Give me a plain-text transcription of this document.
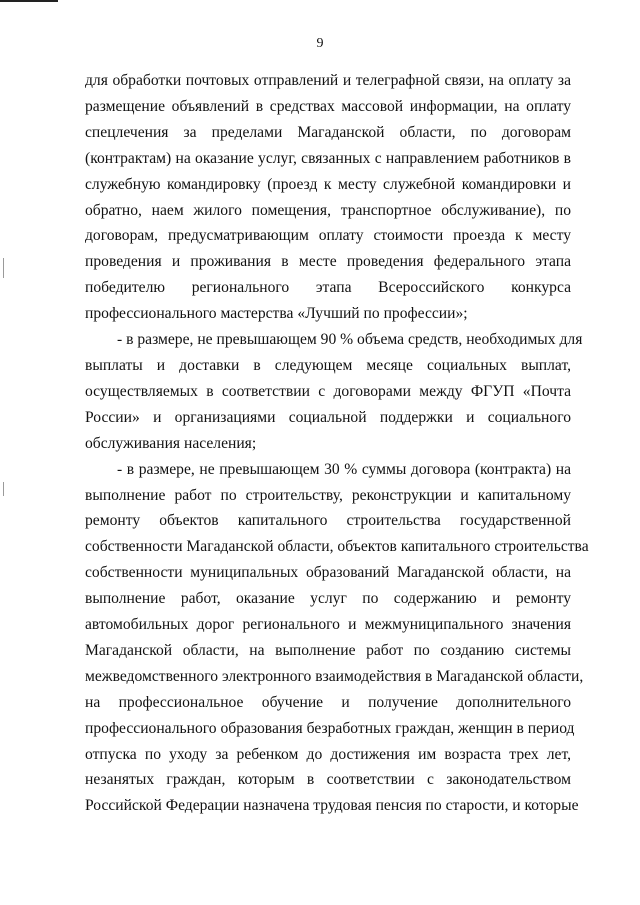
9
для обработки почтовых отправлений и телеграфной связи, на оплату за
размещение объявлений в средствах массовой информации, на оплату
спецлечения за пределами Магаданской области, по договорам
(контрактам) на оказание услуг, связанных с направлением работников в
служебную командировку (проезд к месту служебной командировки и
обратно, наем жилого помещения, транспортное обслуживание), по
договорам, предусматривающим оплату стоимости проезда к месту
проведения и проживания в месте проведения федерального этапа
победителю регионального этапа Всероссийского конкурса
профессионального мастерства «Лучший по профессии»;
- в размере, не превышающем 90 % объема средств, необходимых для
выплаты и доставки в следующем месяце социальных выплат,
осуществляемых в соответствии с договорами между ФГУП «Почта
России» и организациями социальной поддержки и социального
обслуживания населения;
- в размере, не превышающем 30 % суммы договора (контракта) на
выполнение работ по строительству, реконструкции и капитальному
ремонту объектов капитального строительства государственной
собственности Магаданской области, объектов капитального строительства
собственности муниципальных образований Магаданской области, на
выполнение работ, оказание услуг по содержанию и ремонту
автомобильных дорог регионального и межмуниципального значения
Магаданской области, на выполнение работ по созданию системы
межведомственного электронного взаимодействия в Магаданской области,
на профессиональное обучение и получение дополнительного
профессионального образования безработных граждан, женщин в период
отпуска по уходу за ребенком до достижения им возраста трех лет,
незанятых граждан, которым в соответствии с законодательством
Российской Федерации назначена трудовая пенсия по старости, и которые
